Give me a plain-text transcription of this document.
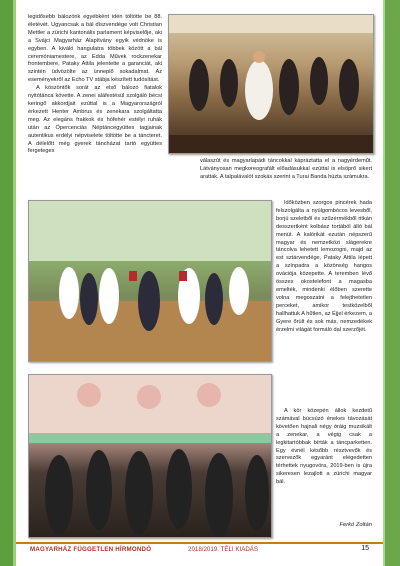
legidősebb bálozónk egyébként idén töltötte be 88. életévét. Ugyancsak a bál díszvendége volt Christian Mettler a zürichi kantonális parlament képviselője, aki a Svájci Magyarház Alapítvány egyik védnöke is egyben. A kiváló hangulatra többek között a bál ceremóniamestere, az Edda Művek rockzenekar frontembere, Pataky Attila jelentette a garanciát, aki szintén üdvözölte az ünneplő sokadalmat. Az eseményekről az Echo TV stábja készített tudósítást.

A köszöntők sorát az első bálozó fiatalok nyitótánca követte. A zenei aláfestésül szolgáló bécsi keringő akkordjait ezúttal is a Magyarországról érkezett Henter Ambrus és zenekara szolgáltatta meg. Az elegáns frakkok és hófehér estélyi ruhák után az Öpercenciás Néptáncegyüttes tagjainak autentikus erdélyi népviselete töltötte be a táncteret. A délelőtt még gyerek táncházat tartó együttes fergeteges

válaszút és magyarlapádi táncokkal kápráztatta el a nagyérdeműt. Látványosan megkoreografált előadásukkal ezúttal is elsöprő sikert arattak. A talpalávalót szokás szerint a Turai Banda húzta számukra.

Időközben szorgos pincérek hada felszolgálta a nyúlgombócos levesből, borjú szeletből és szűzérmékből ritkán desszertként kolbász tortából álló bál menüt. A kalórikát ezután népszerű magyar és nemzetközi slágerekre táncolva lehetett lemozogni, majd az est sztárvendége, Pataky Attila lépett a színpadra a közönség hangos ovációja közepette. A teremben lévő összes okostelefont a magasba emelték, mindenki élőben szerette volna megoszatni a felejthetetlen perceket, amikor testközelből hallhattuk A hűtlen, az Éjjel érkezem, a Gyere őrült és sok más, nemzedékek érzelmi világát formáló dal szerzőjét.

A kör közepén állok kezdetű számával búcsúzó énekes távozását követően hajnali négy óráig muzsikált a zenekar, a végig csak a legkitartóbbak bírták a táncparketten. Egy évnél később résztvevők és szervezők egyaránt elégedetten térhettek nyugovóra, 2019-ben is újra sikeresen lezajlott a zürichi magyar bál.

Ferkó Zoltán
MAGYARHÁZ FÜGGETLEN HÍRMONDÓ	2018/2019. TÉLI KIADÁS	15
